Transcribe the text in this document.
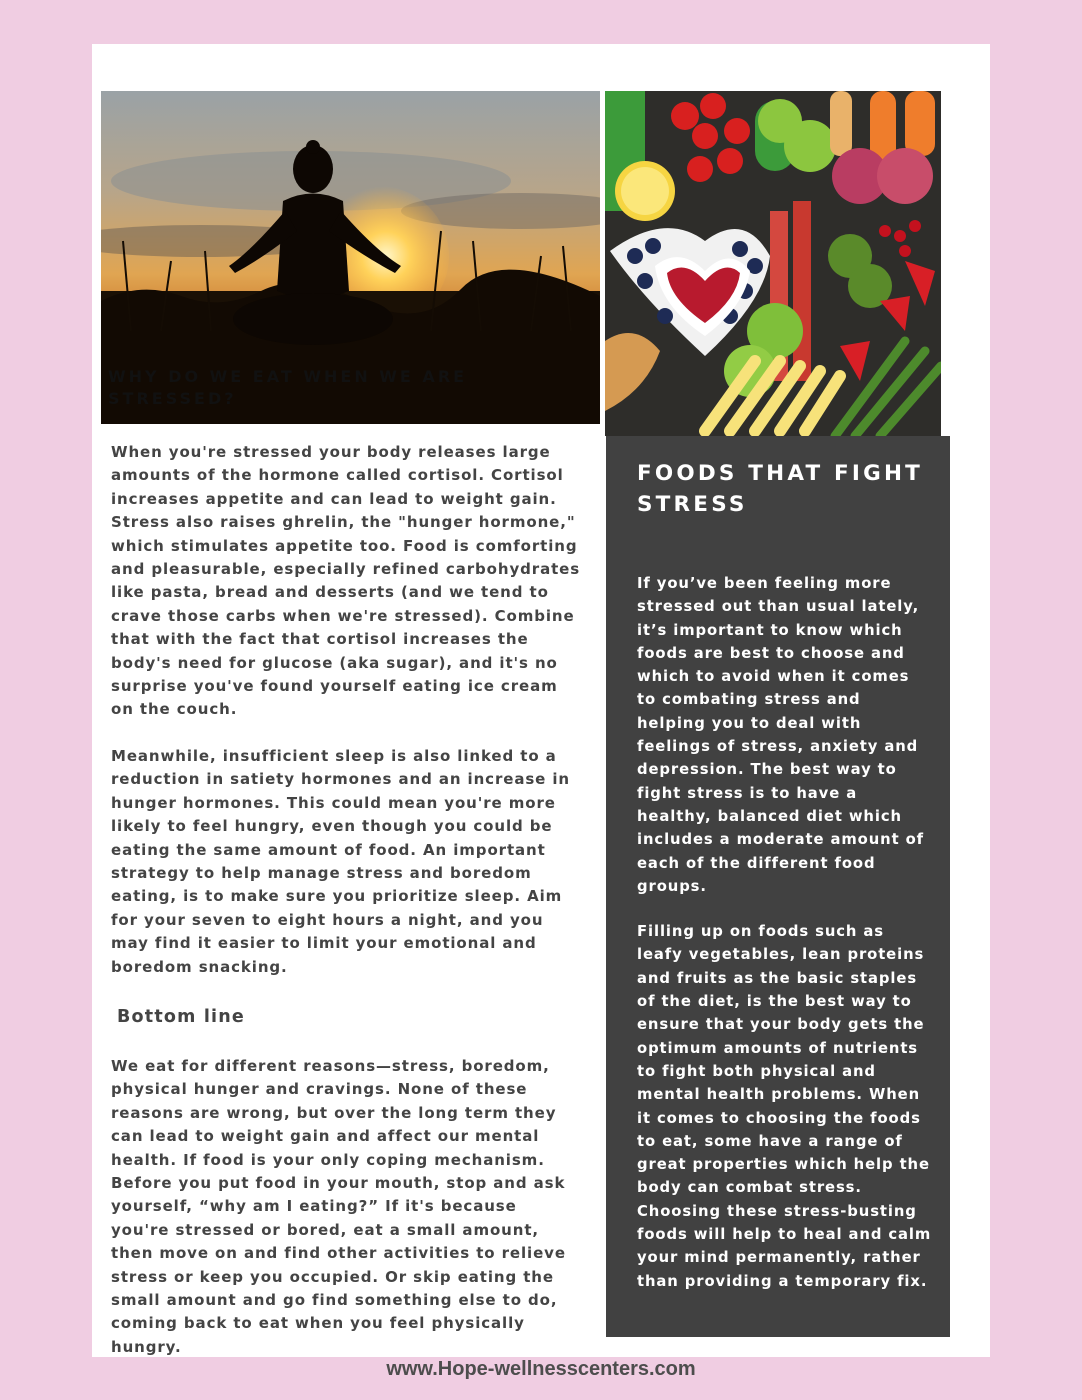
WHY DO WE EAT WHEN WE ARE STRESSED?

When you're stressed your body releases large amounts of the hormone called cortisol. Cortisol increases appetite and can lead to weight gain. Stress also raises ghrelin, the "hunger hormone," which stimulates appetite too. Food is comforting and pleasurable, especially refined carbohydrates like pasta, bread and desserts (and we tend to crave those carbs when we're stressed). Combine that with the fact that cortisol increases the body's need for glucose (aka sugar), and it's no surprise you've found yourself eating ice cream on the couch.

Meanwhile, insufficient sleep is also linked to a reduction in satiety hormones and an increase in hunger hormones. This could mean you're more likely to feel hungry, even though you could be eating the same amount of food. An important strategy to help manage stress and boredom eating, is to make sure you prioritize sleep. Aim for your seven to eight hours a night, and you may find it easier to limit your emotional and boredom snacking.

Bottom line

We eat for different reasons—stress, boredom, physical hunger and cravings. None of these reasons are wrong, but over the long term they can lead to weight gain and affect our mental health. If food is your only coping mechanism. Before you put food in your mouth, stop and ask yourself, “why am I eating?” If it's because you're stressed or bored, eat a small amount, then move on and find other activities to relieve stress or keep you occupied. Or skip eating the small amount and go find something else to do, coming back to eat when you feel physically hungry.

FOODS THAT FIGHT STRESS

If you’ve been feeling more stressed out than usual lately, it’s important to know which foods are best to choose and which to avoid when it comes to combating stress and helping you to deal with feelings of stress, anxiety and depression. The best way to fight stress is to have a healthy, balanced diet which includes a moderate amount of each of the different food groups.

Filling up on foods such as leafy vegetables, lean proteins and fruits as the basic staples of the diet, is the best way to ensure that your body gets the optimum amounts of nutrients to fight both physical and mental health problems. When it comes to choosing the foods to eat, some have a range of great properties which help the body can combat stress. Choosing these stress-busting foods will help to heal and calm your mind permanently, rather than providing a temporary fix.

www.Hope-wellnesscenters.com
